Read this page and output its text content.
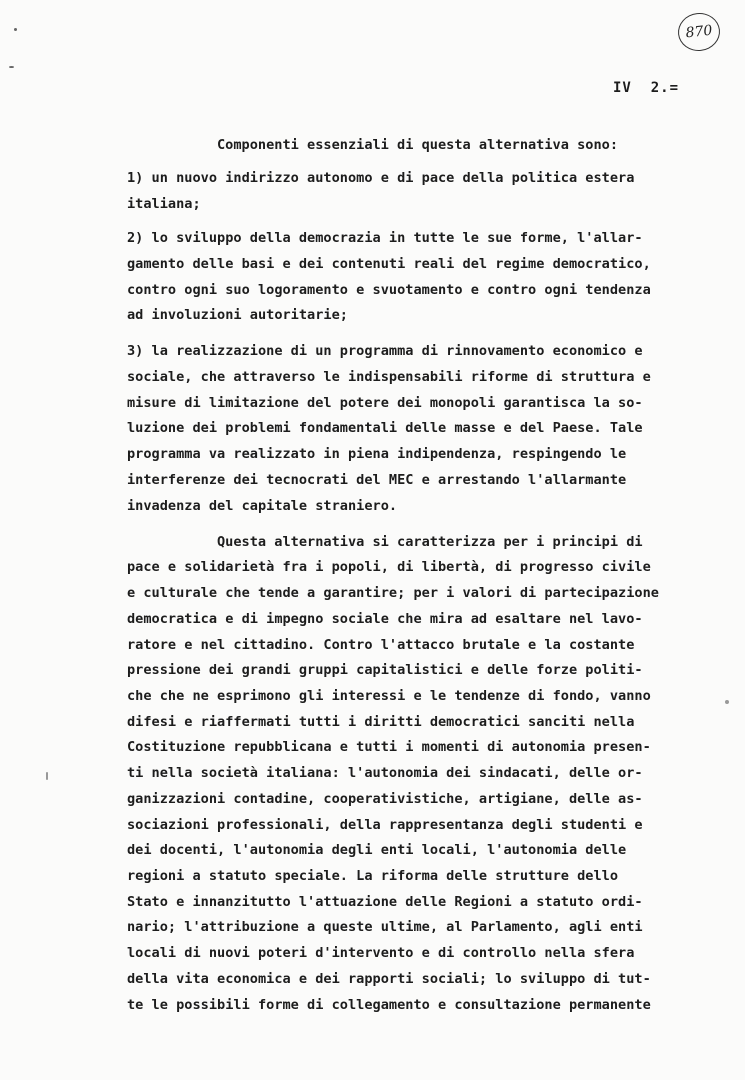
870
IV  2.=
Componenti essenziali di questa alternativa sono:
1) un nuovo indirizzo autonomo e di pace della politica estera
italiana;
2) lo sviluppo della democrazia in tutte le sue forme, l'allar-
gamento delle basi e dei contenuti reali del regime democratico,
contro ogni suo logoramento e svuotamento e contro ogni tendenza
ad involuzioni autoritarie;
3) la realizzazione di un programma di rinnovamento economico e
sociale, che attraverso le indispensabili riforme di struttura e
misure di limitazione del potere dei monopoli garantisca la so-
luzione dei problemi fondamentali delle masse e del Paese. Tale
programma va realizzato in piena indipendenza, respingendo le
interferenze dei tecnocrati del MEC e arrestando l'allarmante
invadenza del capitale straniero.
Questa alternativa si caratterizza per i principi di
pace e solidarietà fra i popoli, di libertà, di progresso civile
e culturale che tende a garantire; per i valori di partecipazione
democratica e di impegno sociale che mira ad esaltare nel lavo-
ratore e nel cittadino. Contro l'attacco brutale e la costante
pressione dei grandi gruppi capitalistici e delle forze politi-
che che ne esprimono gli interessi e le tendenze di fondo, vanno
difesi e riaffermati tutti i diritti democratici sanciti nella
Costituzione repubblicana e tutti i momenti di autonomia presen-
ti nella società italiana: l'autonomia dei sindacati, delle or-
ganizzazioni contadine, cooperativistiche, artigiane, delle as-
sociazioni professionali, della rappresentanza degli studenti e
dei docenti, l'autonomia degli enti locali, l'autonomia delle
regioni a statuto speciale. La riforma delle strutture dello
Stato e innanzitutto l'attuazione delle Regioni a statuto ordi-
nario; l'attribuzione a queste ultime, al Parlamento, agli enti
locali di nuovi poteri d'intervento e di controllo nella sfera
della vita economica e dei rapporti sociali; lo sviluppo di tut-
te le possibili forme di collegamento e consultazione permanente
